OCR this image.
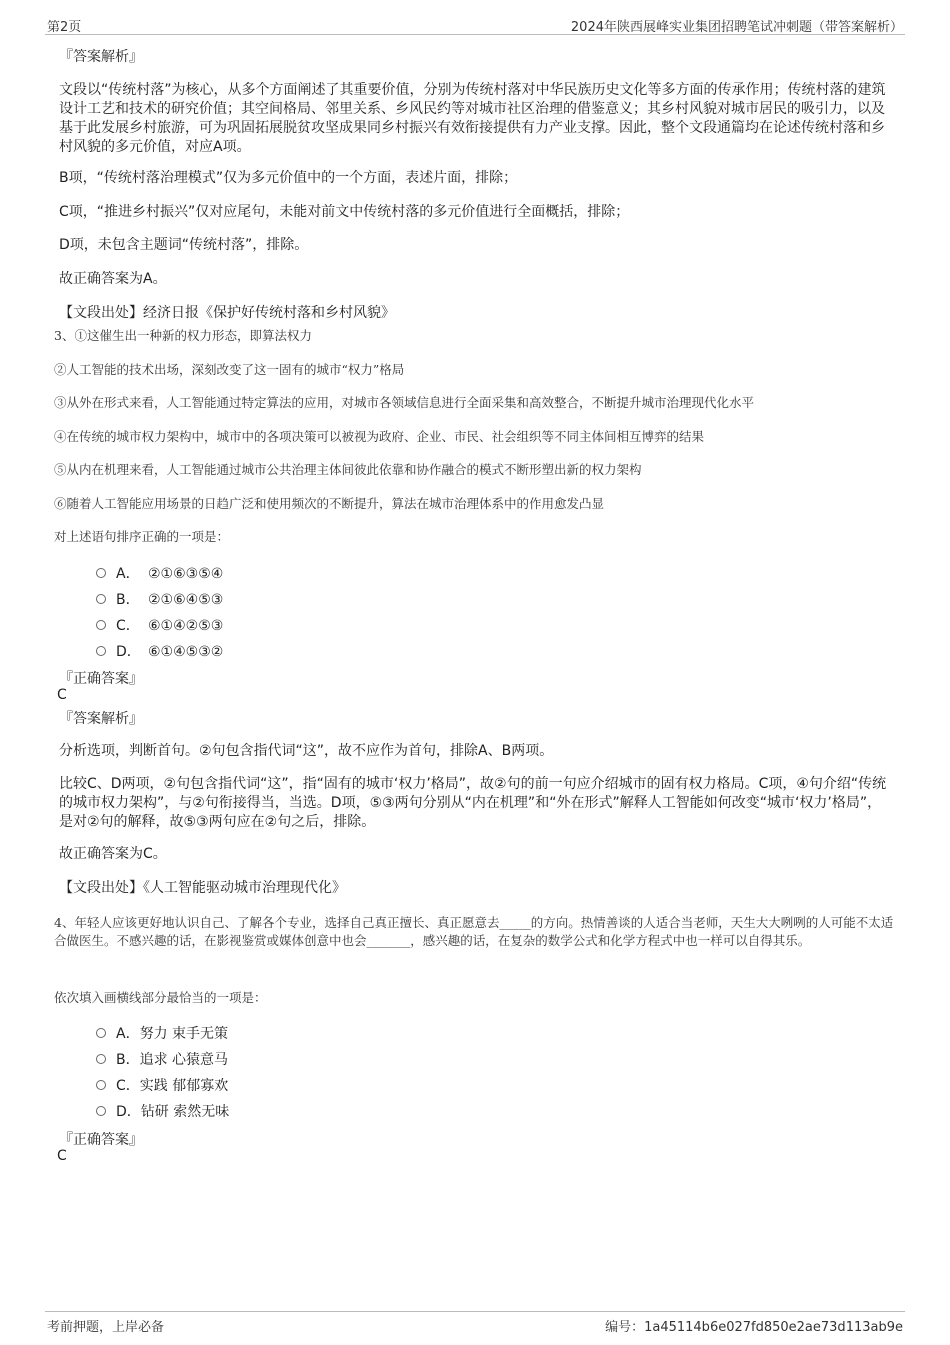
第2页	2024年陕西展峰实业集团招聘笔试冲刺题（带答案解析）
『答案解析』
文段以“传统村落”为核心，从多个方面阐述了其重要价值，分别为传统村落对中华民族历史文化等多方面的传承作用；传统村落的建筑设计工艺和技术的研究价值；其空间格局、邻里关系、乡风民约等对城市社区治理的借鉴意义；其乡村风貌对城市居民的吸引力，以及基于此发展乡村旅游，可为巩固拓展脱贫攻坚成果同乡村振兴有效衔接提供有力产业支撑。因此，整个文段通篇均在论述传统村落和乡村风貌的多元价值，对应A项。
B项，“传统村落治理模式”仅为多元价值中的一个方面，表述片面，排除；
C项，“推进乡村振兴”仅对应尾句，未能对前文中传统村落的多元价值进行全面概括，排除；
D项，未包含主题词“传统村落”，排除。
故正确答案为A。
【文段出处】经济日报《保护好传统村落和乡村风貌》
3、①这催生出一种新的权力形态，即算法权力
②人工智能的技术出场，深刻改变了这一固有的城市“权力”格局
③从外在形式来看，人工智能通过特定算法的应用，对城市各领域信息进行全面采集和高效整合，不断提升城市治理现代化水平
④在传统的城市权力架构中，城市中的各项决策可以被视为政府、企业、市民、社会组织等不同主体间相互博弈的结果
⑤从内在机理来看，人工智能通过城市公共治理主体间彼此依靠和协作融合的模式不断形塑出新的权力架构
⑥随着人工智能应用场景的日趋广泛和使用频次的不断提升，算法在城市治理体系中的作用愈发凸显
对上述语句排序正确的一项是：
A． ②①⑥③⑤④
B． ②①⑥④⑤③
C． ⑥①④②⑤③
D． ⑥①④⑤③②
『正确答案』
C
『答案解析』
分析选项，判断首句。②句包含指代词“这”，故不应作为首句，排除A、B两项。
比较C、D两项，②句包含指代词“这”，指“固有的城市‘权力’格局”，故②句的前一句应介绍城市的固有权力格局。C项，④句介绍“传统的城市权力架构”，与②句衔接得当，当选。D项，⑤③两句分别从“内在机理”和“外在形式”解释人工智能如何改变“城市‘权力’格局”，是对②句的解释，故⑤③两句应在②句之后，排除。
故正确答案为C。
【文段出处】《人工智能驱动城市治理现代化》
4、年轻人应该更好地认识自己、了解各个专业，选择自己真正擅长、真正愿意去_____的方向。热情善谈的人适合当老师，天生大大咧咧的人可能不太适合做医生。不感兴趣的话，在影视鉴赏或媒体创意中也会_______，感兴趣的话，在复杂的数学公式和化学方程式中也一样可以自得其乐。
依次填入画横线部分最恰当的一项是：
A．努力 束手无策
B．追求 心猿意马
C．实践 郁郁寡欢
D．钻研 索然无味
『正确答案』
C
考前押题，上岸必备	编号：1a45114b6e027fd850e2ae73d113ab9e
